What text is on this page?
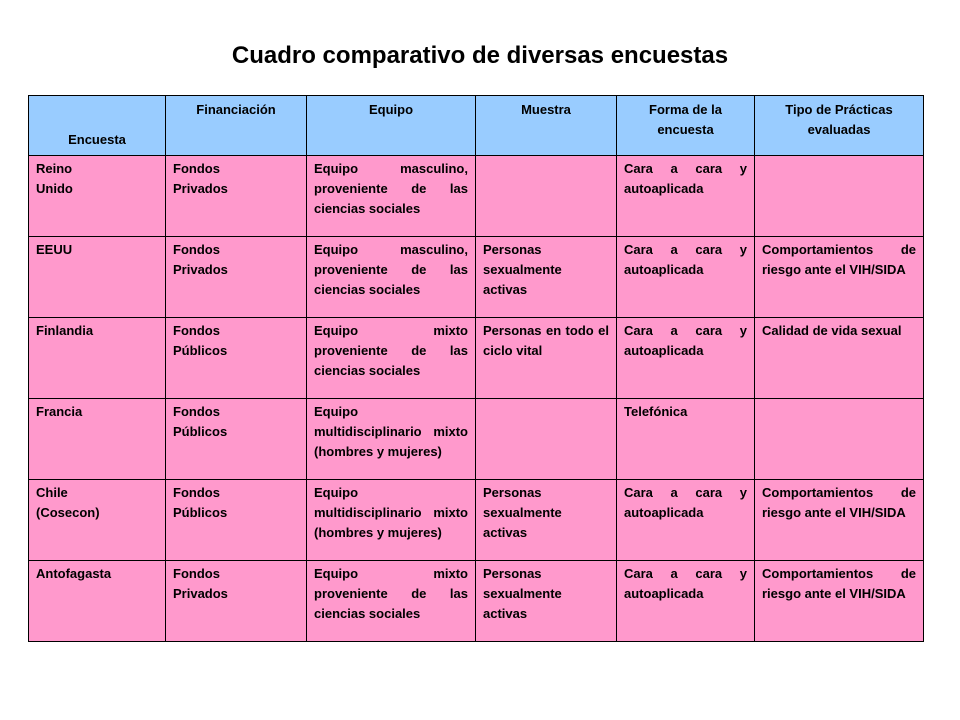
Cuadro comparativo de diversas encuestas
Encuesta	Financiación	Equipo	Muestra	Forma de la encuesta	Tipo de Prácticas evaluadas

Reino Unido	Fondos Privados	Equipo masculino, proveniente de las ciencias sociales		Cara a cara y autoaplicada	
EEUU	Fondos Privados	Equipo masculino, proveniente de las ciencias sociales	Personas sexualmente activas	Cara a cara y autoaplicada	Comportamientos de riesgo ante el VIH/SIDA
Finlandia	Fondos Públicos	Equipo mixto proveniente de las ciencias sociales	Personas en todo el ciclo vital	Cara a cara y autoaplicada	Calidad de vida sexual
Francia	Fondos Públicos	Equipo multidisciplinario mixto (hombres y mujeres)		Telefónica	

Chile (Cosecon)	Fondos Públicos	Equipo multidisciplinario mixto (hombres y mujeres)	Personas sexualmente activas	Cara a cara y autoaplicada	Comportamientos de riesgo ante el VIH/SIDA
Antofagasta	Fondos Privados	Equipo mixto proveniente de las ciencias sociales	Personas sexualmente activas	Cara a cara y autoaplicada	Comportamientos de riesgo ante el VIH/SIDA
